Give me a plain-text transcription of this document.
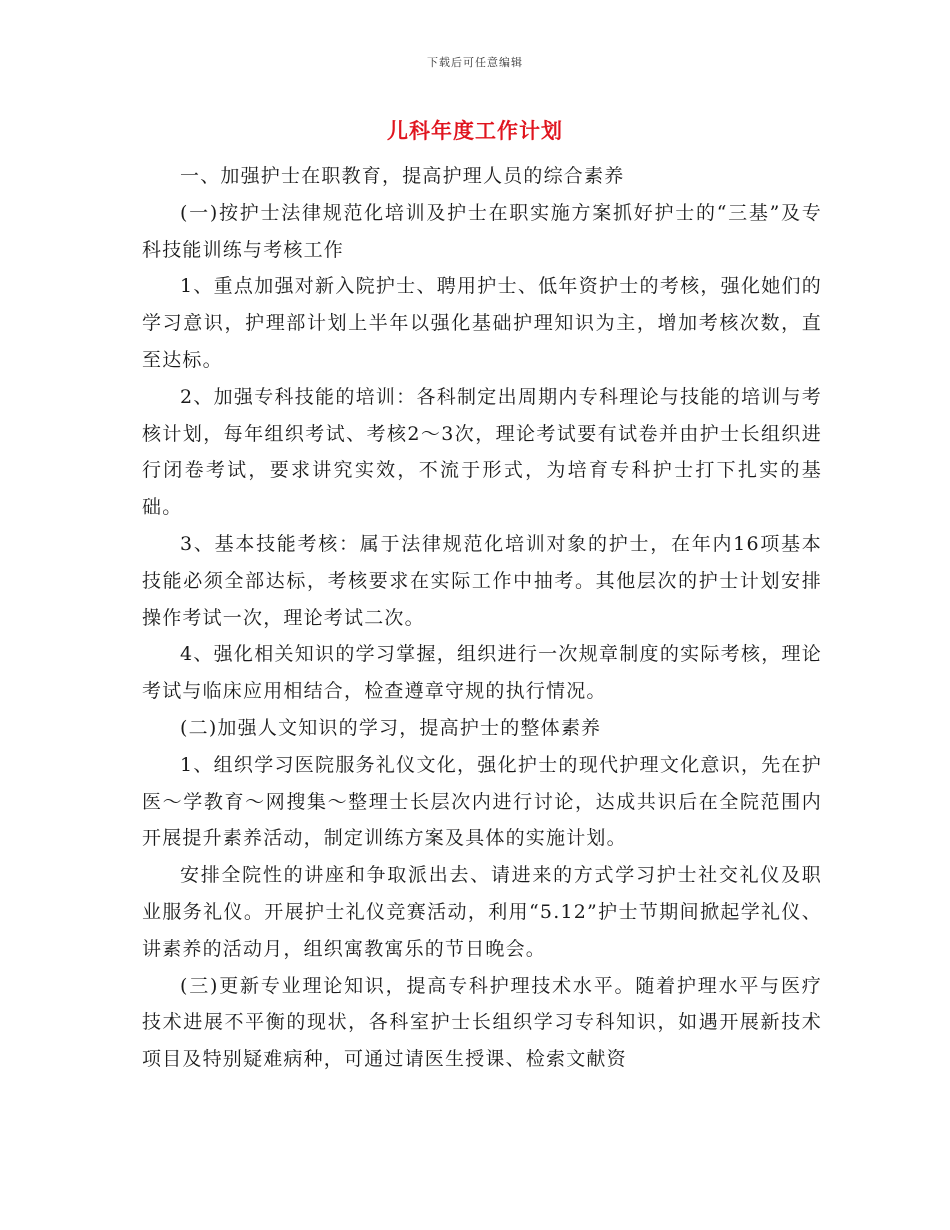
下载后可任意编辑
儿科年度工作计划

一、加强护士在职教育，提高护理人员的综合素养

(一)按护士法律规范化培训及护士在职实施方案抓好护士的“三基”及专科技能训练与考核工作

1、重点加强对新入院护士、聘用护士、低年资护士的考核，强化她们的学习意识，护理部计划上半年以强化基础护理知识为主，增加考核次数，直至达标。

2、加强专科技能的培训：各科制定出周期内专科理论与技能的培训与考核计划，每年组织考试、考核2～3次，理论考试要有试卷并由护士长组织进行闭卷考试，要求讲究实效，不流于形式，为培育专科护士打下扎实的基础。

3、基本技能考核：属于法律规范化培训对象的护士，在年内16项基本技能必须全部达标，考核要求在实际工作中抽考。其他层次的护士计划安排操作考试一次，理论考试二次。

4、强化相关知识的学习掌握，组织进行一次规章制度的实际考核，理论考试与临床应用相结合，检查遵章守规的执行情况。

(二)加强人文知识的学习，提高护士的整体素养

1、组织学习医院服务礼仪文化，强化护士的现代护理文化意识，先在护医～学教育～网搜集～整理士长层次内进行讨论，达成共识后在全院范围内开展提升素养活动，制定训练方案及具体的实施计划。

安排全院性的讲座和争取派出去、请进来的方式学习护士社交礼仪及职业服务礼仪。开展护士礼仪竞赛活动，利用“5.12”护士节期间掀起学礼仪、讲素养的活动月，组织寓教寓乐的节日晚会。

(三)更新专业理论知识，提高专科护理技术水平。随着护理水平与医疗技术进展不平衡的现状，各科室护士长组织学习专科知识，如遇开展新技术项目及特别疑难病种，可通过请医生授课、检索文献资
